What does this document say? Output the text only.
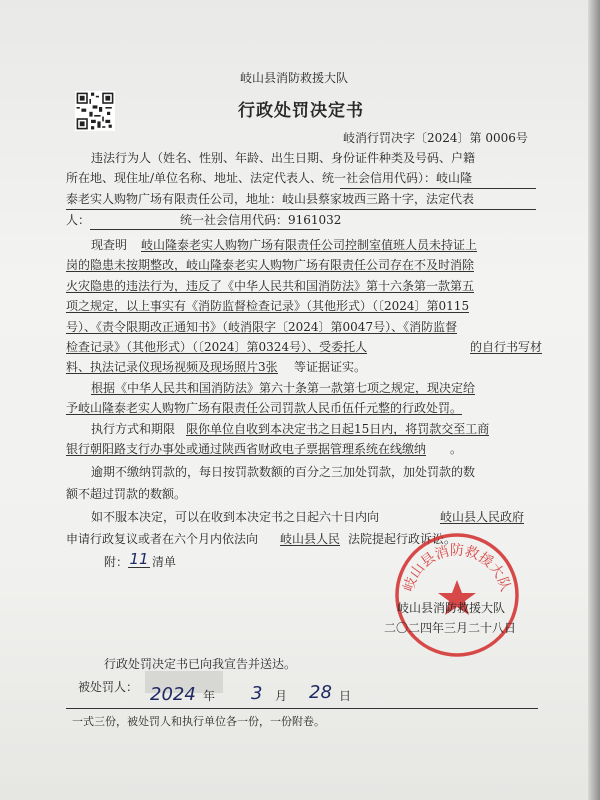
岐山县消防救援大队
行政处罚决定书
岐消行罚决字〔2024〕第 0006号
违法行为人（姓名、性别、年龄、出生日期、身份证件种类及号码、户籍
所在地、现住址/单位名称、地址、法定代表人、统一社会信用代码）：岐山隆
泰老实人购物广场有限责任公司，地址：岐山县蔡家坡西三路十字，法定代表
人：	统一社会信用代码：9161032
现查明 岐山隆泰老实人购物广场有限责任公司控制室值班人员未持证上
岗的隐患未按期整改，岐山隆泰老实人购物广场有限责任公司存在不及时消除
火灾隐患的违法行为，违反了《中华人民共和国消防法》第十六条第一款第五
项之规定，以上事实有《消防监督检查记录》（其他形式）（〔2024〕第0115
号）、《责令限期改正通知书》（岐消限字〔2024〕第0047号）、《消防监督
检查记录》（其他形式）（〔2024〕第0324号）、受委托人	的自行书写材
料、执法记录仪现场视频及现场照片3张 等证据证实。
根据《中华人民共和国消防法》第六十条第一款第七项之规定，现决定给
予岐山隆泰老实人购物广场有限责任公司罚款人民币伍仟元整的行政处罚。
执行方式和期限 限你单位自收到本决定书之日起15日内，将罚款交至工商
银行朝阳路支行办事处或通过陕西省财政电子票据管理系统在线缴纳 。
逾期不缴纳罚款的，每日按罚款数额的百分之三加处罚款，加处罚款的数
额不超过罚款的数额。
如不服本决定，可以在收到本决定书之日起六十日内向	岐山县人民政府
申请行政复议或者在六个月内依法向 岐山县人民 法院提起行政诉讼。
附： 11 清单
岐山县消防救援大队
岐山县消防救援大队
二〇二四年三月二十八日
行政处罚决定书已向我宣告并送达。
被处罚人： 2024 年 3 月 28 日
一式三份，被处罚人和执行单位各一份，一份附卷。
